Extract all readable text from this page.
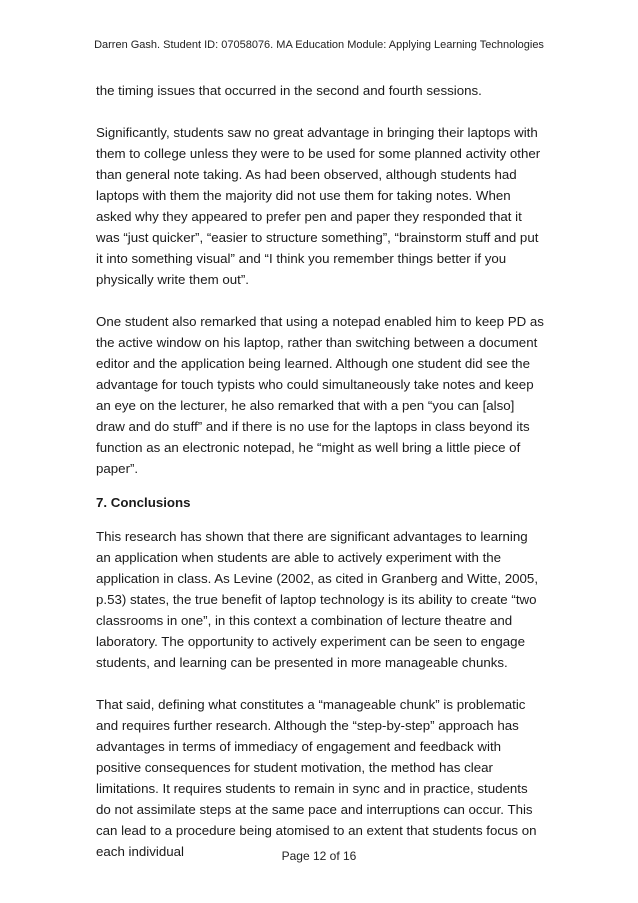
Darren Gash. Student ID: 07058076. MA Education Module: Applying Learning Technologies

the timing issues that occurred in the second and fourth sessions.

Significantly, students saw no great advantage in bringing their laptops with them to college unless they were to be used for some planned activity other than general note taking. As had been observed, although students had laptops with them the majority did not use them for taking notes. When asked why they appeared to prefer pen and paper they responded that it was “just quicker”, “easier to structure something”, “brainstorm stuff and put it into something visual” and “I think you remember things better if you physically write them out”.

One student also remarked that using a notepad enabled him to keep PD as the active window on his laptop, rather than switching between a document editor and the application being learned. Although one student did see the advantage for touch typists who could simultaneously take notes and keep an eye on the lecturer, he also remarked that with a pen “you can [also] draw and do stuff” and if there is no use for the laptops in class beyond its function as an electronic notepad, he “might as well bring a little piece of paper”.

7. Conclusions

This research has shown that there are significant advantages to learning an application when students are able to actively experiment with the application in class. As Levine (2002, as cited in Granberg and Witte, 2005, p.53) states, the true benefit of laptop technology is its ability to create “two classrooms in one”, in this context a combination of lecture theatre and laboratory. The opportunity to actively experiment can be seen to engage students, and learning can be presented in more manageable chunks.

That said, defining what constitutes a “manageable chunk” is problematic and requires further research. Although the “step-by-step” approach has advantages in terms of immediacy of engagement and feedback with positive consequences for student motivation, the method has clear limitations. It requires students to remain in sync and in practice, students do not assimilate steps at the same pace and interruptions can occur. This can lead to a procedure being atomised to an extent that students focus on each individual	Page 12 of 16
